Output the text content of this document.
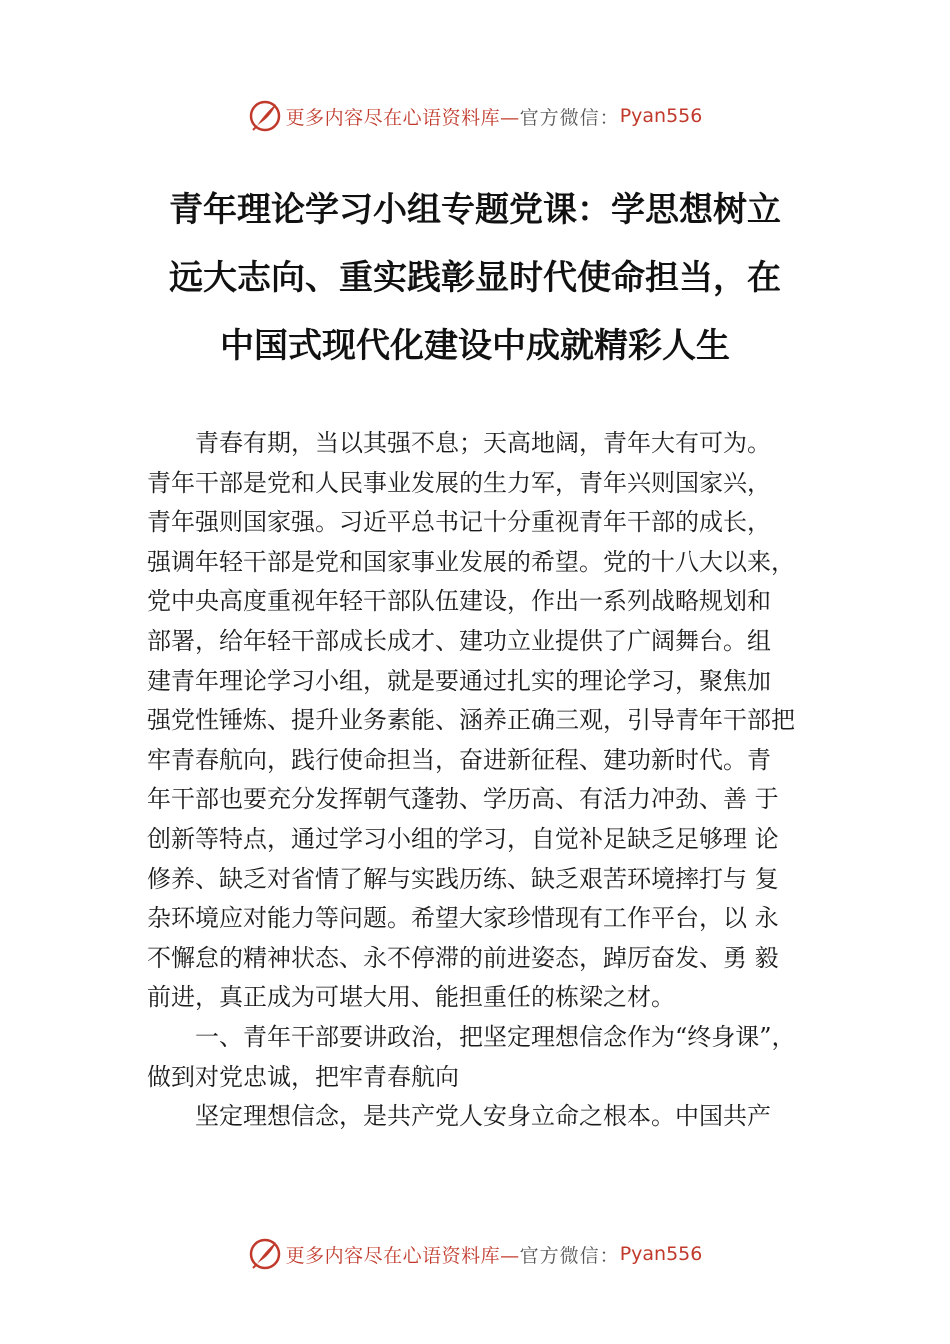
更多内容尽在心语资料库— 官方微信： Pyan556
青年理论学习小组专题党课：学思想树立
远大志向、重实践彰显时代使命担当，在
中国式现代化建设中成就精彩人生
青春有期，当以其强不息；天高地阔，青年大有可为。
青年干部是党和人民事业发展的生力军，青年兴则国家兴，
青年强则国家强。习近平总书记十分重视青年干部的成长，
强调年轻干部是党和国家事业发展的希望。党的十八大以来，
党中央高度重视年轻干部队伍建设，作出一系列战略规划和
部署，给年轻干部成长成才、建功立业提供了广阔舞台。组
建青年理论学习小组，就是要通过扎实的理论学习，聚焦加
强党性锤炼、提升业务素能、涵养正确三观，引导青年干部把
牢青春航向，践行使命担当，奋进新征程、建功新时代。青
年干部也要充分发挥朝气蓬勃、学历高、有活力冲劲、善 于
创新等特点，通过学习小组的学习，自觉补足缺乏足够理 论
修养、缺乏对省情了解与实践历练、缺乏艰苦环境摔打与 复
杂环境应对能力等问题。希望大家珍惜现有工作平台，以 永
不懈怠的精神状态、永不停滞的前进姿态，踔厉奋发、勇 毅
前进，真正成为可堪大用、能担重任的栋梁之材。
一、青年干部要讲政治，把坚定理想信念作为“终身课”，
做到对党忠诚，把牢青春航向
坚定理想信念，是共产党人安身立命之根本。中国共产
更多内容尽在心语资料库— 官方微信： Pyan556
